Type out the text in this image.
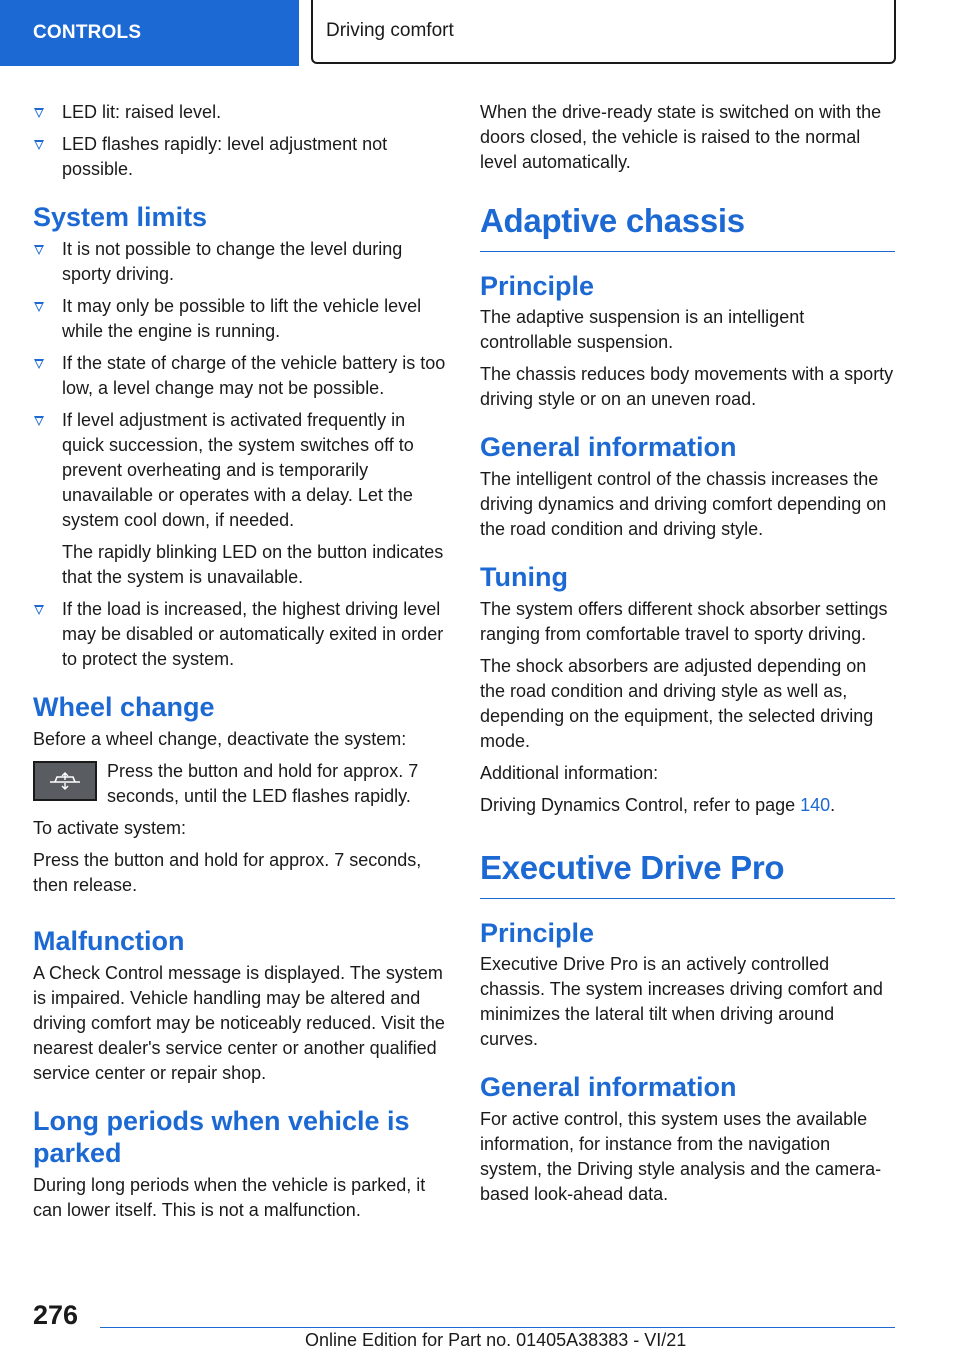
CONTROLS	Driving comfort
LED lit: raised level.
LED flashes rapidly: level adjustment not possible.
System limits
It is not possible to change the level during sporty driving.
It may only be possible to lift the vehicle level while the engine is running.
If the state of charge of the vehicle battery is too low, a level change may not be possible.
If level adjustment is activated frequently in quick succession, the system switches off to prevent overheating and is temporarily unavailable or operates with a delay. Let the system cool down, if needed.

The rapidly blinking LED on the button indicates that the system is unavailable.

If the load is increased, the highest driving level may be disabled or automatically exited in order to protect the system.
Wheel change

Before a wheel change, deactivate the system:

Press the button and hold for approx. 7 seconds, until the LED flashes rapidly.

To activate system:

Press the button and hold for approx. 7 seconds, then release.

Malfunction

A Check Control message is displayed. The system is impaired. Vehicle handling may be altered and driving comfort may be noticeably reduced. Visit the nearest dealer's service center or another qualified service center or repair shop.

Long periods when vehicle is parked

During long periods when the vehicle is parked, it can lower itself. This is not a malfunction.

When the drive-ready state is switched on with the doors closed, the vehicle is raised to the normal level automatically.

Adaptive chassis
Principle

The adaptive suspension is an intelligent controllable suspension.

The chassis reduces body movements with a sporty driving style or on an uneven road.

General information

The intelligent control of the chassis increases the driving dynamics and driving comfort depending on the road condition and driving style.

Tuning

The system offers different shock absorber settings ranging from comfortable travel to sporty driving.

The shock absorbers are adjusted depending on the road condition and driving style as well as, depending on the equipment, the selected driving mode.

Additional information:

Driving Dynamics Control, refer to page 140.

Executive Drive Pro
Principle

Executive Drive Pro is an actively controlled chassis. The system increases driving comfort and minimizes the lateral tilt when driving around curves.

General information

For active control, this system uses the available information, for instance from the navigation system, the Driving style analysis and the camera-based look-ahead data.

276
Online Edition for Part no. 01405A38383 - VI/21
